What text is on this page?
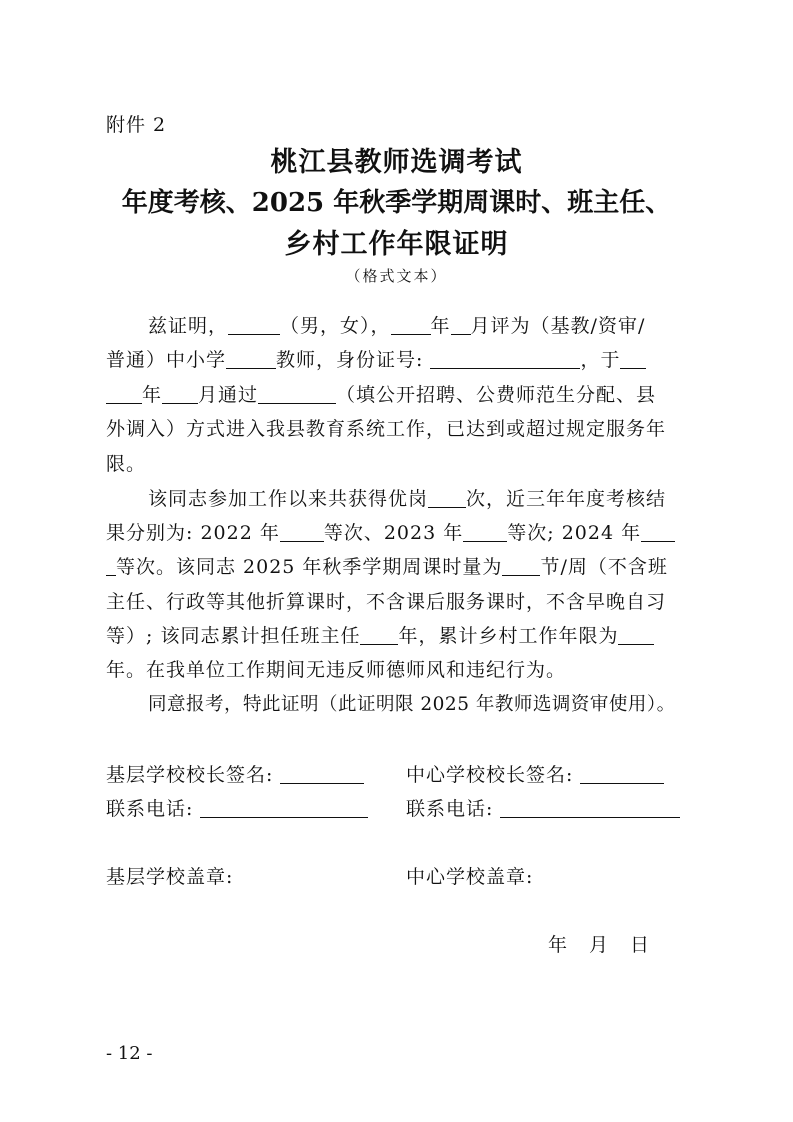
附件 2
桃江县教师选调考试
年度考核、2025 年秋季学期周课时、班主任、
乡村工作年限证明
（格式文本）
兹证明，	（男，女）， 年 月评为（基教/资审/
普通）中小学	教师，身份证号:	，于
年 月通过	（填公开招聘、公费师范生分配、县
外调入）方式进入我县教育系统工作，已达到或超过规定服务年
限。
该同志参加工作以来共获得优岗 次，近三年年度考核结
果分别为: 2022 年 等次、2023 年 等次; 2024 年
等次。该同志 2025 年秋季学期周课时量为 节/周（不含班
主任、行政等其他折算课时，不含课后服务课时，不含早晚自习
等）; 该同志累计担任班主任 年，累计乡村工作年限为
年。在我单位工作期间无违反师德师风和违纪行为。
同意报考，特此证明（此证明限 2025 年教师选调资审使用）。
基层学校校长签名:	中心学校校长签名:
联系电话:	联系电话:
基层学校盖章:	中心学校盖章:
年 月 日
- 12 -
